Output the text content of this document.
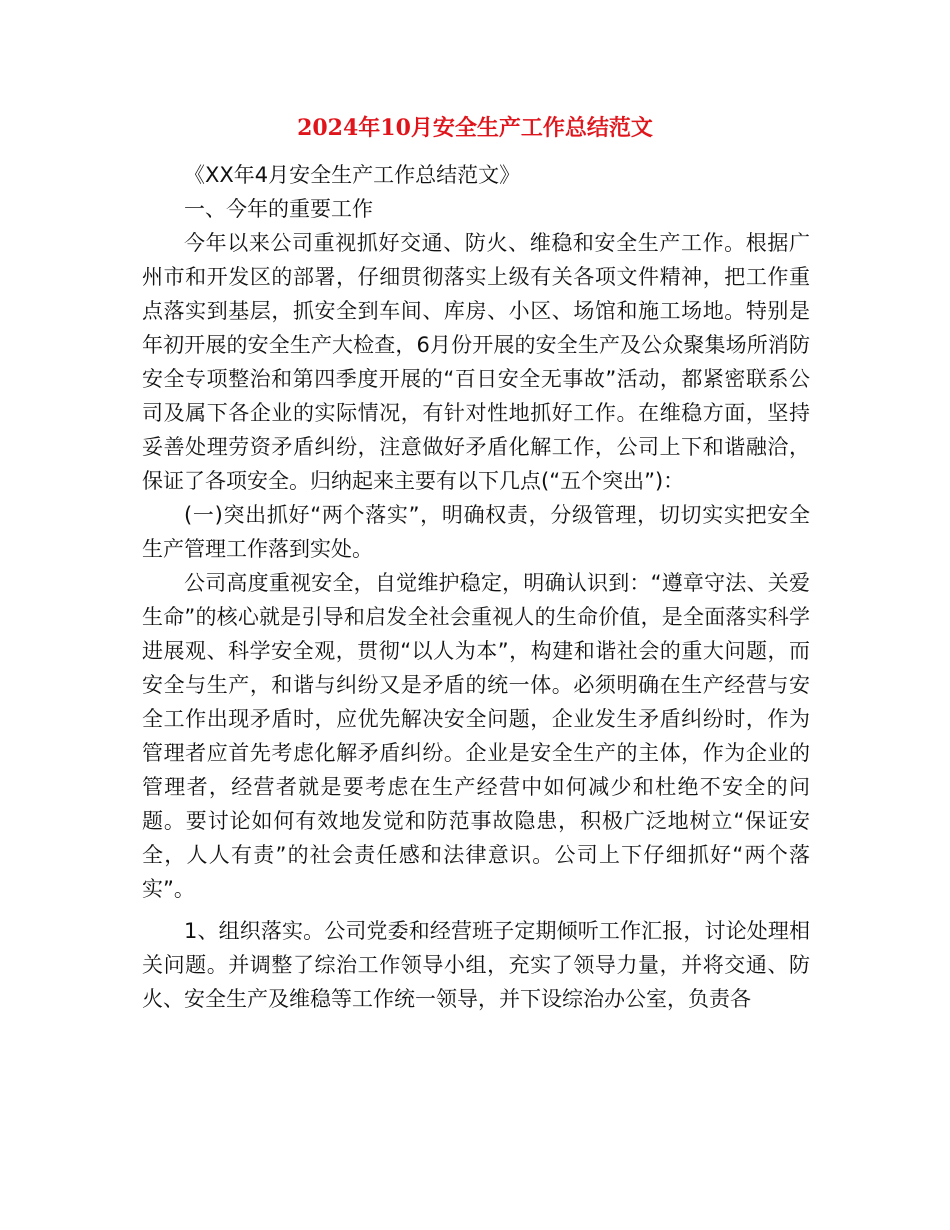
2024年10月安全生产工作总结范文

《XX年4月安全生产工作总结范文》

一、今年的重要工作

今年以来公司重视抓好交通、防火、维稳和安全生产工作。根据广州市和开发区的部署，仔细贯彻落实上级有关各项文件精神，把工作重点落实到基层，抓安全到车间、库房、小区、场馆和施工场地。特别是年初开展的安全生产大检查，6月份开展的安全生产及公众聚集场所消防安全专项整治和第四季度开展的“百日安全无事故”活动，都紧密联系公司及属下各企业的实际情况，有针对性地抓好工作。在维稳方面，坚持妥善处理劳资矛盾纠纷，注意做好矛盾化解工作，公司上下和谐融洽，保证了各项安全。归纳起来主要有以下几点(“五个突出”)：

(一)突出抓好“两个落实”，明确权责，分级管理，切切实实把安全生产管理工作落到实处。

公司高度重视安全，自觉维护稳定，明确认识到：“遵章守法、关爱生命”的核心就是引导和启发全社会重视人的生命价值，是全面落实科学进展观、科学安全观，贯彻“以人为本”，构建和谐社会的重大问题，而安全与生产，和谐与纠纷又是矛盾的统一体。必须明确在生产经营与安全工作出现矛盾时，应优先解决安全问题，企业发生矛盾纠纷时，作为管理者应首先考虑化解矛盾纠纷。企业是安全生产的主体，作为企业的管理者，经营者就是要考虑在生产经营中如何减少和杜绝不安全的问题。要讨论如何有效地发觉和防范事故隐患，积极广泛地树立“保证安全，人人有责”的社会责任感和法律意识。公司上下仔细抓好“两个落实”。

1、组织落实。公司党委和经营班子定期倾听工作汇报，讨论处理相关问题。并调整了综治工作领导小组，充实了领导力量，并将交通、防火、安全生产及维稳等工作统一领导，并下设综治办公室，负责各
